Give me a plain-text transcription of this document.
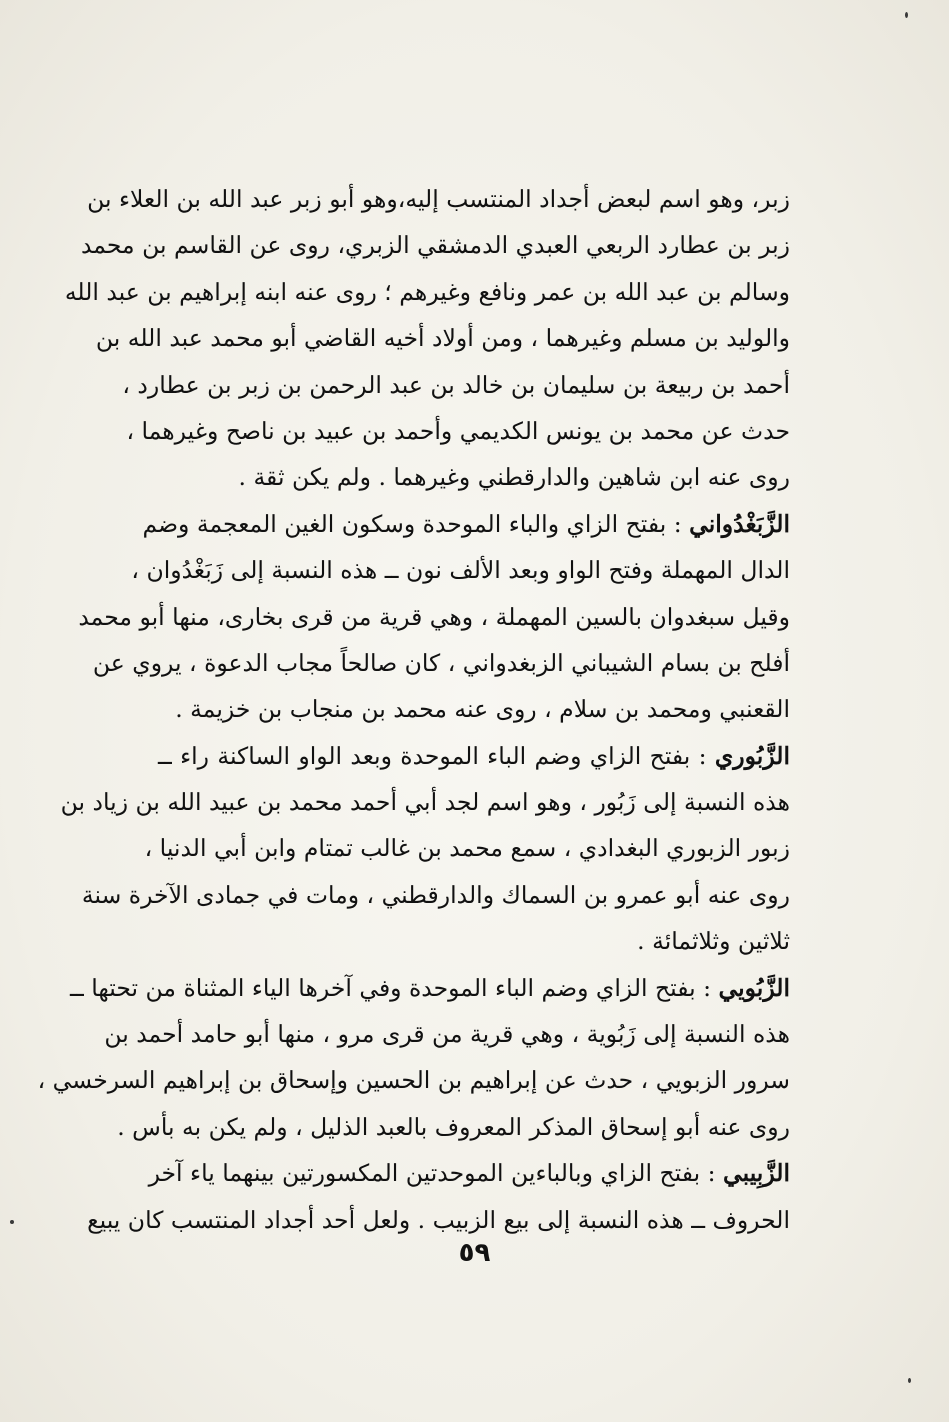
زبر، وهو اسم لبعض أجداد المنتسب إليه،وهو أبو زبر عبد الله بن العلاء بن
زبر بن عطارد الربعي العبدي الدمشقي الزبري، روى عن القاسم بن محمد
وسالم بن عبد الله بن عمر ونافع وغيرهم ؛ روى عنه ابنه إبراهيم بن عبد الله
والوليد بن مسلم وغيرهما ، ومن أولاد أخيه القاضي أبو محمد عبد الله بن
أحمد بن ربيعة بن سليمان بن خالد بن عبد الرحمن بن زبر بن عطارد ،
حدث عن محمد بن يونس الكديمي وأحمد بن عبيد بن ناصح وغيرهما ،
روى عنه ابن شاهين والدارقطني وغيرهما . ولم يكن ثقة .
الزَّبَغْدُواني : بفتح الزاي والباء الموحدة وسكون الغين المعجمة وضم
الدال المهملة وفتح الواو وبعد الألف نون ــ هذه النسبة إلى زَبَغْدُوان ،
وقيل سبغدوان بالسين المهملة ، وهي قرية من قرى بخارى، منها أبو محمد
أفلح بن بسام الشيباني الزبغدواني ، كان صالحاً مجاب الدعوة ، يروي عن
القعنبي ومحمد بن سلام ، روى عنه محمد بن منجاب بن خزيمة .
الزَّبُوري : بفتح الزاي وضم الباء الموحدة وبعد الواو الساكنة راء ــ
هذه النسبة إلى زَبُور ، وهو اسم لجد أبي أحمد محمد بن عبيد الله بن زياد بن
زبور الزبوري البغدادي ، سمع محمد بن غالب تمتام وابن أبي الدنيا ،
روى عنه أبو عمرو بن السماك والدارقطني ، ومات في جمادى الآخرة سنة
ثلاثين وثلاثمائة .
الزَّبُويي : بفتح الزاي وضم الباء الموحدة وفي آخرها الياء المثناة من تحتها ــ
هذه النسبة إلى زَبُوية ، وهي قرية من قرى مرو ، منها أبو حامد أحمد بن
سرور الزبويي ، حدث عن إبراهيم بن الحسين وإسحاق بن إبراهيم السرخسي ،
روى عنه أبو إسحاق المذكر المعروف بالعبد الذليل ، ولم يكن به بأس .
الزَّبِيبي : بفتح الزاي وبالباءين الموحدتين المكسورتين بينهما ياء آخر
الحروف ــ هذه النسبة إلى بيع الزبيب . ولعل أحد أجداد المنتسب كان يبيع
٥٩
